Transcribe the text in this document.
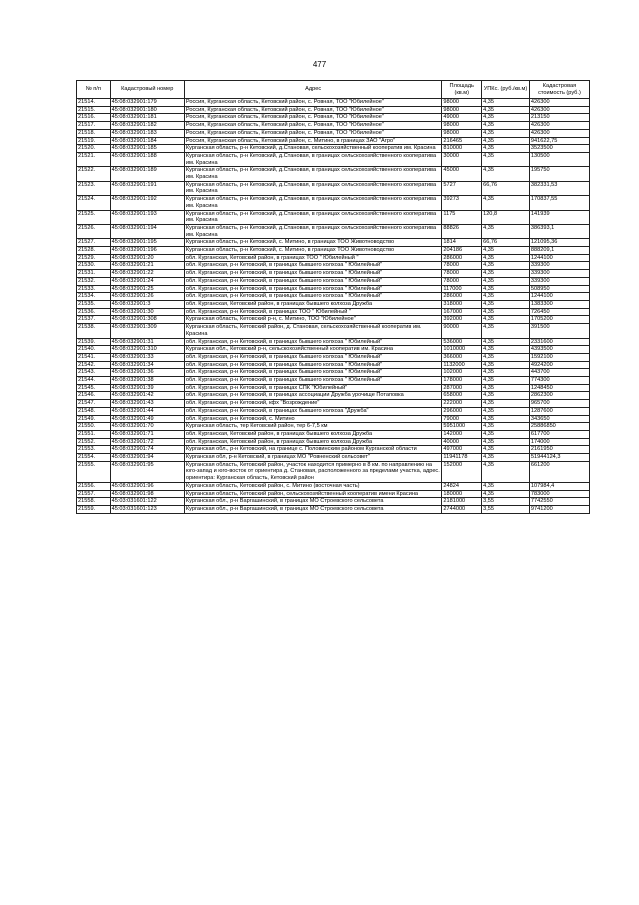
477
№ п/п	Кадастровый номер	Адрес	Площадь (кв.м)	УПКс. (руб./кв.м)	Кадастровая стоимость (руб.)
21514.	45:08:032901:179	Россия, Курганская область, Кетовский район, с. Ровная, ТОО "Юбилейное"	98000	4,35	426300
21515.	45:08:032901:180	Россия, Курганская область, Кетовский район, с. Ровная, ТОО "Юбилейное"	98000	4,35	426300
21516.	45:08:032901:181	Россия, Курганская область, Кетовский район, с. Ровная, ТОО "Юбилейное"	49000	4,35	213150
21517.	45:08:032901:182	Россия, Курганская область, Кетовский район, с. Ровная, ТОО "Юбилейное"	98000	4,35	426300
21518.	45:08:032901:183	Россия, Курганская область, Кетовский район, с. Ровная, ТОО "Юбилейное"	98000	4,35	426300
21519.	45:08:032901:184	Россия, Курганская область, Кетовский район, с. Митино, в границах ЗАО "Агро"	216465	4,35	941622,75
21520.	45:08:032901:185	Курганская область, р-н Кетовский, д.Становая, сельскохозяйственный кооператив им. Красина	810000	4,35	3523500
21521.	45:08:032901:188	Курганская область, р-н Кетовский, д.Становая, в границах сельскохозяйственного кооператива им. Красина	30000	4,35	130500
21522.	45:08:032901:189	Курганская область, р-н Кетовский, д.Становая, в границах сельскохозяйственного кооператива им. Красина	45000	4,35	195750
21523.	45:08:032901:191	Курганская область, р-н Кетовский, д.Становая, в границах сельскохозяйственного кооператива им. Красина	5727	66,76	382331,53
21524.	45:08:032901:192	Курганская область, р-н Кетовский, д.Становая, в границах сельскохозяйственного кооператива им. Красина	39273	4,35	170837,55
21525.	45:08:032901:193	Курганская область, р-н Кетовский, д.Становая, в границах сельскохозяйственного кооператива им. Красина	1175	120,8	141939
21526.	45:08:032901:194	Курганская область, р-н Кетовский, д.Становая, в границах сельскохозяйственного кооператива им. Красина	88826	4,35	386393,1
21527.	45:08:032901:195	Курганская область, р-н Кетовский, с. Митино, в границах ТОО Животноводство	1814	66,76	121095,36
21528.	45:08:032901:196	Курганская область, р-н Кетовский, с. Митино, в границах ТОО Животноводство	204186	4,35	888209,1
21529.	45:08:032901:20	обл. Курганская, Кетовский район, в границах ТОО " Юбилейный "	286000	4,35	1244100
21530.	45:08:032901:21	обл. Курганская, р-н Кетовский, в границах бывшего колхоза " Юбилейный"	78000	4,35	339300
21531.	45:08:032901:22	обл. Курганская, р-н Кетовский, в границах бывшего колхоза " Юбилейный"	78000	4,35	339300
21532.	45:08:032901:24	обл. Курганская, р-н Кетовский, в границах бывшего колхоза " Юбилейный"	78000	4,35	339300
21533.	45:08:032901:25	обл. Курганская, р-н Кетовский, в границах бывшего колхоза " Юбилейный"	117000	4,35	508950
21534.	45:08:032901:26	обл. Курганская, р-н Кетовский, в границах бывшего колхоза " Юбилейный"	286000	4,35	1244100
21535.	45:08:032901:3	обл. Курганская, Кетовский район, в границах бывшего колхоза Дружба	318000	4,35	1383300
21536.	45:08:032901:30	обл. Курганская, р-н Кетовский, в границах ТОО " Юбилейный "	167000	4,35	726450
21537.	45:08:032901:308	Курганская область, Кетовский р-н, с. Митино, ТОО "Юбилейное"	392000	4,35	1705200
21538.	45:08:032901:309	Курганская область, Кетовский район, д. Становая, сельскохозяйственный кооператив им. Красина	90000	4,35	391500
21539.	45:08:032901:31	обл. Курганская, р-н Кетовский, в границах бывшего колхоза " Юбилейный"	536000	4,35	2331600
21540.	45:08:032901:310	Курганская обл., Кетовский р-н, сельскохозяйственный кооператив им. Красина	1010000	4,35	4393500
21541.	45:08:032901:33	обл. Курганская, р-н Кетовский, в границах бывшего колхоза " Юбилейный"	366000	4,35	1592100
21542.	45:08:032901:34	обл. Курганская, р-н Кетовский, в границах бывшего колхоза " Юбилейный"	1132000	4,35	4924200
21543.	45:08:032901:36	обл. Курганская, р-н Кетовский, в границах бывшего колхоза " Юбилейный"	102000	4,35	443700
21544.	45:08:032901:38	обл. Курганская, р-н Кетовский, в границах бывшего колхоза " Юбилейный"	178000	4,35	774300
21545.	45:08:032901:39	обл. Курганская, р-н Кетовский, в границах СПК "Юбилейный"	287000	4,35	1248450
21546.	45:08:032901:42	обл. Курганская, р-н Кетовский, в границах ассоциации Дружба урочище Потаповка	658000	4,35	2862300
21547.	45:08:032901:43	обл. Курганская, р-н Кетовский, кфх "Возрождение"	222000	4,35	965700
21548.	45:08:032901:44	обл. Курганская, р-н Кетовский, в границах бывшего колхоза "Дружба"	296000	4,35	1287600
21549.	45:08:032901:49	обл. Курганская, р-н Кетовский, с. Митино	79000	4,35	343650
21550.	45:08:032901:70	Курганская область, тер Кетовский район, тер 6-7,5 км	5951000	4,35	25886850
21551.	45:08:032901:71	обл. Курганская, Кетовский район, в границах бывшего колхоза Дружба	142000	4,35	617700
21552.	45:08:032901:72	обл. Курганская, Кетовский район, в границах бывшего колхоза Дружба	40000	4,35	174000
21553.	45:08:032901:74	Курганская обл., р-н Кетовский, на границе с. Половинским районом Курганской области	497000	4,35	2161950
21554.	45:08:032901:94	Курганская обл, р-н Кетовский, в границах МО "Ровненский сельсовет"	11941178	4,35	51944124,3
21555.	45:08:032901:95	Курганская область, Кетовский район, участок находится примерно в 8 км. по направлению на юго-запад и юго-восток от ориентира д. Становая, расположенного за пределами участка, адрес. ориентира: Курганская область, Кетовский район	152000	4,35	661200
21556.	45:08:032901:96	Курганская область, Кетовский район, с. Митино (восточная часть)	24824	4,35	107984,4
21557.	45:08:032901:98	Курганская область, Кетовский район, сельскохозяйственный кооператив имени Красина	180000	4,35	783000
21558.	45:03:031601:122	Курганская обл., р-н Варгашинский, в границах МО Строевского сельсовета	2181000	3,55	7742550
21559.	45:03:031601:123	Курганская обл., р-н Варгашинский, в границах МО Строевского сельсовета	2744000	3,55	9741200
